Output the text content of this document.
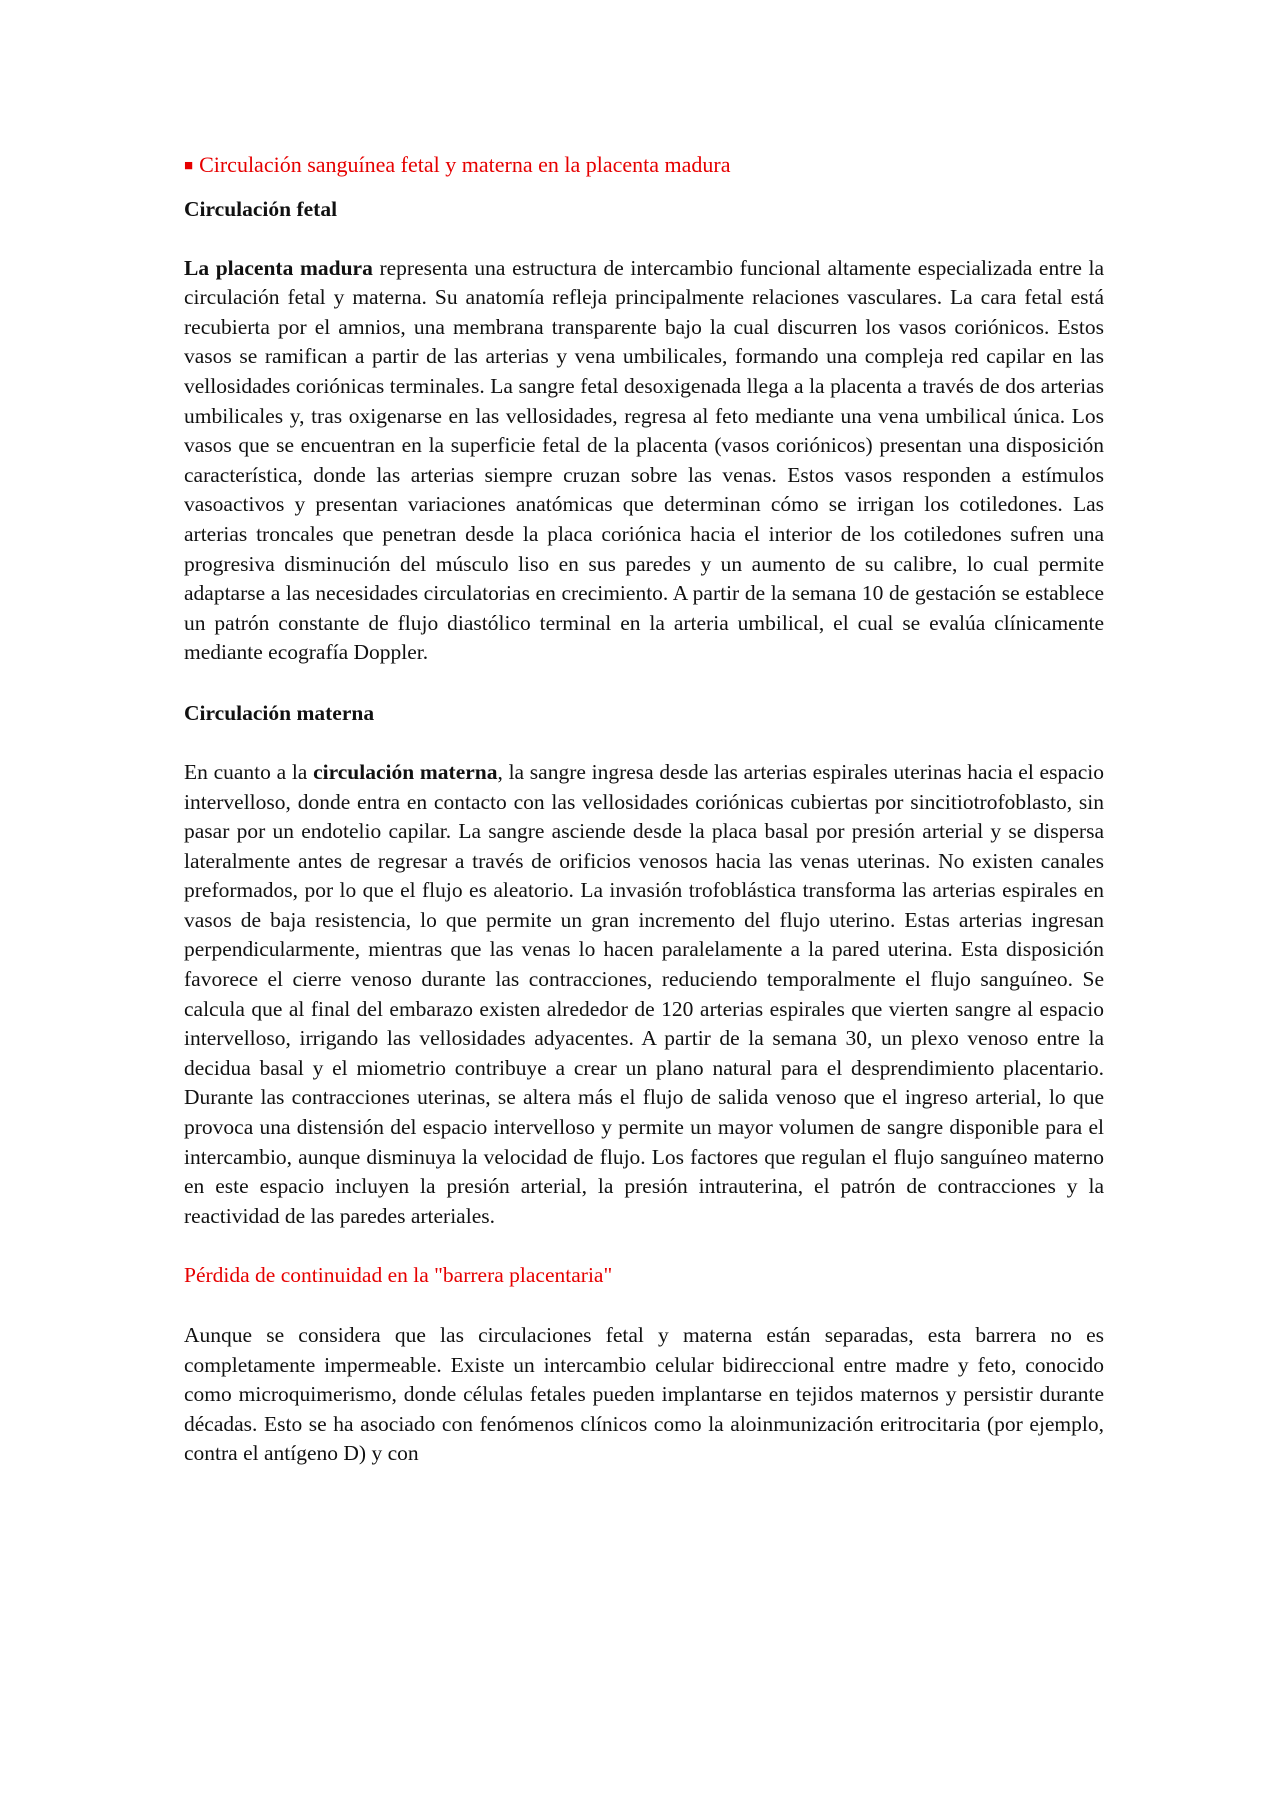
■ Circulación sanguínea fetal y materna en la placenta madura
Circulación fetal

La placenta madura representa una estructura de intercambio funcional altamente especializada entre la circulación fetal y materna. Su anatomía refleja principalmente relaciones vasculares. La cara fetal está recubierta por el amnios, una membrana transparente bajo la cual discurren los vasos coriónicos. Estos vasos se ramifican a partir de las arterias y vena umbilicales, formando una compleja red capilar en las vellosidades coriónicas terminales. La sangre fetal desoxigenada llega a la placenta a través de dos arterias umbilicales y, tras oxigenarse en las vellosidades, regresa al feto mediante una vena umbilical única. Los vasos que se encuentran en la superficie fetal de la placenta (vasos coriónicos) presentan una disposición característica, donde las arterias siempre cruzan sobre las venas. Estos vasos responden a estímulos vasoactivos y presentan variaciones anatómicas que determinan cómo se irrigan los cotiledones. Las arterias troncales que penetran desde la placa coriónica hacia el interior de los cotiledones sufren una progresiva disminución del músculo liso en sus paredes y un aumento de su calibre, lo cual permite adaptarse a las necesidades circulatorias en crecimiento. A partir de la semana 10 de gestación se establece un patrón constante de flujo diastólico terminal en la arteria umbilical, el cual se evalúa clínicamente mediante ecografía Doppler.

Circulación materna

En cuanto a la circulación materna, la sangre ingresa desde las arterias espirales uterinas hacia el espacio intervelloso, donde entra en contacto con las vellosidades coriónicas cubiertas por sincitiotrofoblasto, sin pasar por un endotelio capilar. La sangre asciende desde la placa basal por presión arterial y se dispersa lateralmente antes de regresar a través de orificios venosos hacia las venas uterinas. No existen canales preformados, por lo que el flujo es aleatorio. La invasión trofoblástica transforma las arterias espirales en vasos de baja resistencia, lo que permite un gran incremento del flujo uterino. Estas arterias ingresan perpendicularmente, mientras que las venas lo hacen paralelamente a la pared uterina. Esta disposición favorece el cierre venoso durante las contracciones, reduciendo temporalmente el flujo sanguíneo. Se calcula que al final del embarazo existen alrededor de 120 arterias espirales que vierten sangre al espacio intervelloso, irrigando las vellosidades adyacentes. A partir de la semana 30, un plexo venoso entre la decidua basal y el miometrio contribuye a crear un plano natural para el desprendimiento placentario. Durante las contracciones uterinas, se altera más el flujo de salida venoso que el ingreso arterial, lo que provoca una distensión del espacio intervelloso y permite un mayor volumen de sangre disponible para el intercambio, aunque disminuya la velocidad de flujo. Los factores que regulan el flujo sanguíneo materno en este espacio incluyen la presión arterial, la presión intrauterina, el patrón de contracciones y la reactividad de las paredes arteriales.

Pérdida de continuidad en la "barrera placentaria"

Aunque se considera que las circulaciones fetal y materna están separadas, esta barrera no es completamente impermeable. Existe un intercambio celular bidireccional entre madre y feto, conocido como microquimerismo, donde células fetales pueden implantarse en tejidos maternos y persistir durante décadas. Esto se ha asociado con fenómenos clínicos como la aloinmunización eritrocitaria (por ejemplo, contra el antígeno D) y con
